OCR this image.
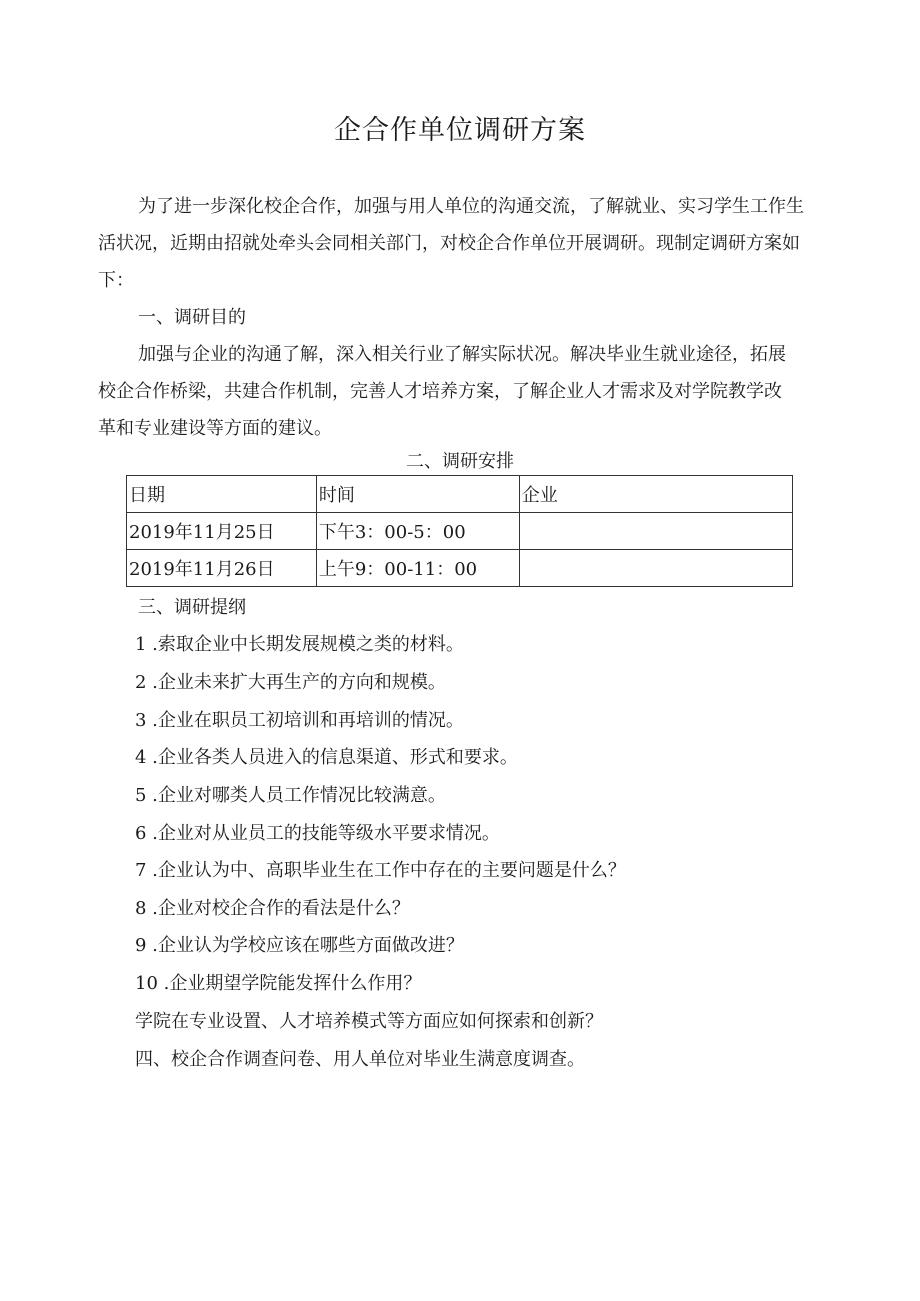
企合作单位调研方案
为了进一步深化校企合作，加强与用人单位的沟通交流，了解就业、实习学生工作生
活状况，近期由招就处牵头会同相关部门，对校企合作单位开展调研。现制定调研方案如
下：
一、调研目的
加强与企业的沟通了解，深入相关行业了解实际状况。解决毕业生就业途径，拓展
校企合作桥梁，共建合作机制，完善人才培养方案，了解企业人才需求及对学院教学改
革和专业建设等方面的建议。
二、调研安排
日期	时间	企业
2019年11月25日	下午3：00-5：00	
2019年11月26日	上午9：00-11：00	
三、调研提纲
1 .索取企业中长期发展规模之类的材料。
2 .企业未来扩大再生产的方向和规模。
3 .企业在职员工初培训和再培训的情况。
4 .企业各类人员进入的信息渠道、形式和要求。
5 .企业对哪类人员工作情况比较满意。
6 .企业对从业员工的技能等级水平要求情况。
7 .企业认为中、高职毕业生在工作中存在的主要问题是什么？
8 .企业对校企合作的看法是什么？
9 .企业认为学校应该在哪些方面做改进？
10 .企业期望学院能发挥什么作用？
学院在专业设置、人才培养模式等方面应如何探索和创新？
四、校企合作调查问卷、用人单位对毕业生满意度调查。
